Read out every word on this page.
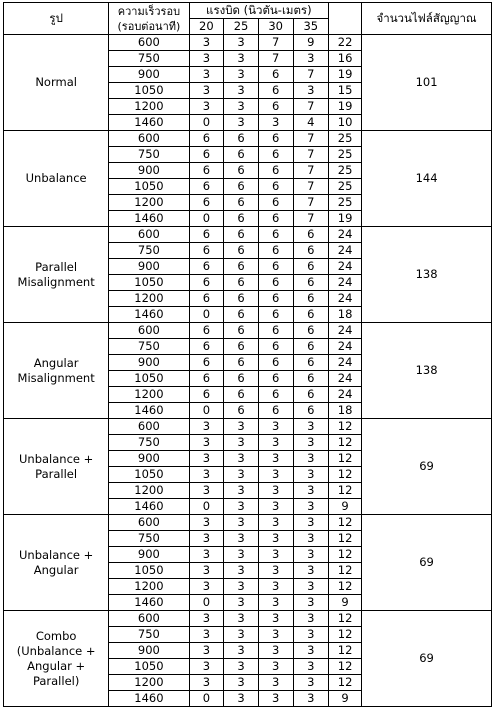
รูป	ความเร็วรอบ
(รอบต่อนาที)	แรงบิด (นิวตัน-เมตร)					จำนวนไฟล์สัญญาณ
		20	25	30	35		

Normal	600	3	3	7	9	22	101
	750	3	3	7	3	16	
	900	3	3	6	7	19	
	1050	3	3	6	3	15	
	1200	3	3	6	7	19	
	1460	0	3	3	4	10	

Unbalance	600	6	6	6	7	25	144
	750	6	6	6	7	25	
	900	6	6	6	7	25	
	1050	6	6	6	7	25	
	1200	6	6	6	7	25	
	1460	0	6	6	7	19	

Parallel
Misalignment	600	6	6	6	6	24	138
	750	6	6	6	6	24	
	900	6	6	6	6	24	
	1050	6	6	6	6	24	
	1200	6	6	6	6	24	
	1460	0	6	6	6	18	

Angular
Misalignment	600	6	6	6	6	24	138
	750	6	6	6	6	24	
	900	6	6	6	6	24	
	1050	6	6	6	6	24	
	1200	6	6	6	6	24	
	1460	0	6	6	6	18	

Unbalance +
Parallel	600	3	3	3	3	12	69
	750	3	3	3	3	12	
	900	3	3	3	3	12	
	1050	3	3	3	3	12	
	1200	3	3	3	3	12	
	1460	0	3	3	3	9	

Unbalance +
Angular	600	3	3	3	3	12	69
	750	3	3	3	3	12	
	900	3	3	3	3	12	
	1050	3	3	3	3	12	
	1200	3	3	3	3	12	
	1460	0	3	3	3	9	

Combo
(Unbalance +
Angular +
Parallel)	600	3	3	3	3	12	69
	750	3	3	3	3	12	
	900	3	3	3	3	12	
	1050	3	3	3	3	12	
	1200	3	3	3	3	12	
	1460	0	3	3	3	9	
